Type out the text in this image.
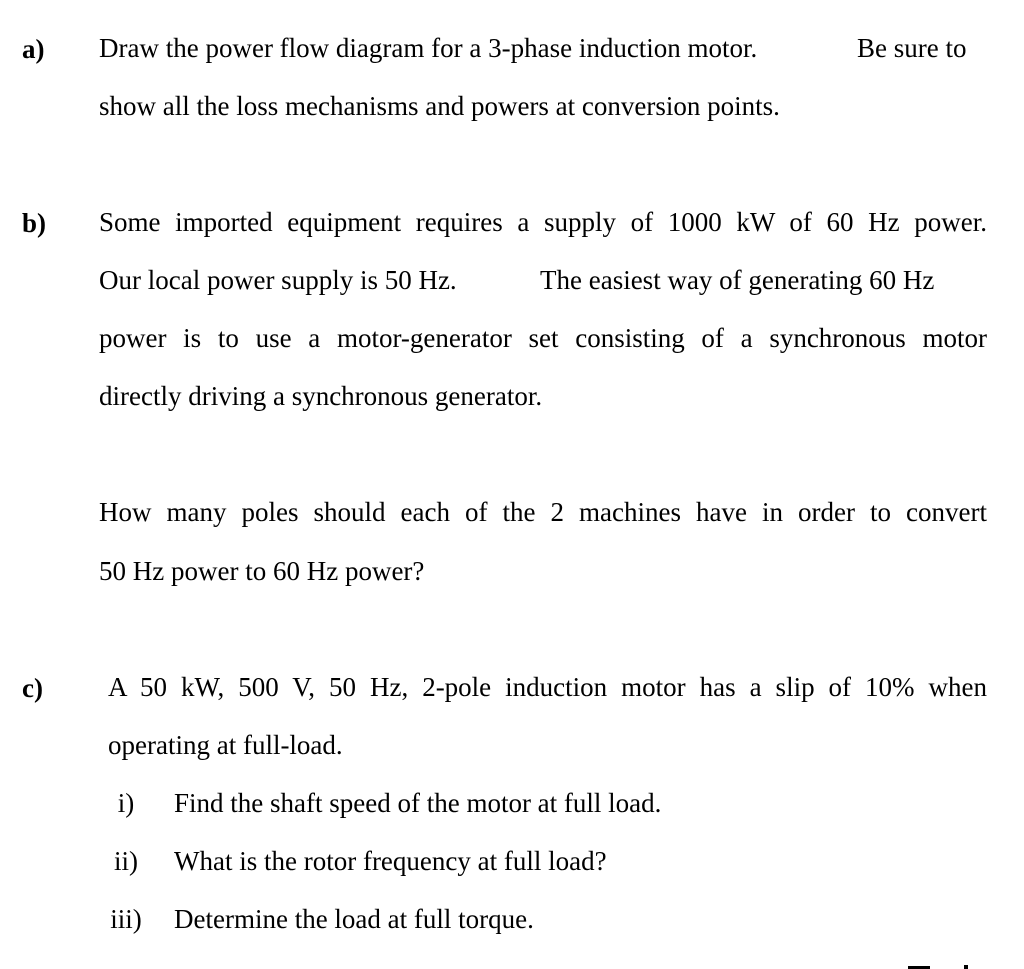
a) Draw the power flow diagram for a 3-phase induction motor.	Be sure to
show all the loss mechanisms and powers at conversion points.
b) Some imported equipment requires a supply of 1000 kW of 60 Hz power.
Our local power supply is 50 Hz.	The easiest way of generating 60 Hz
power is to use a motor-generator set consisting of a synchronous motor
directly driving a synchronous generator.
How many poles should each of the 2 machines have in order to convert
50 Hz power to 60 Hz power?
c) A 50 kW, 500 V, 50 Hz, 2-pole induction motor has a slip of 10% when
operating at full-load.
i)	Find the shaft speed of the motor at full load.
ii)	What is the rotor frequency at full load?
iii)	Determine the load at full torque.
